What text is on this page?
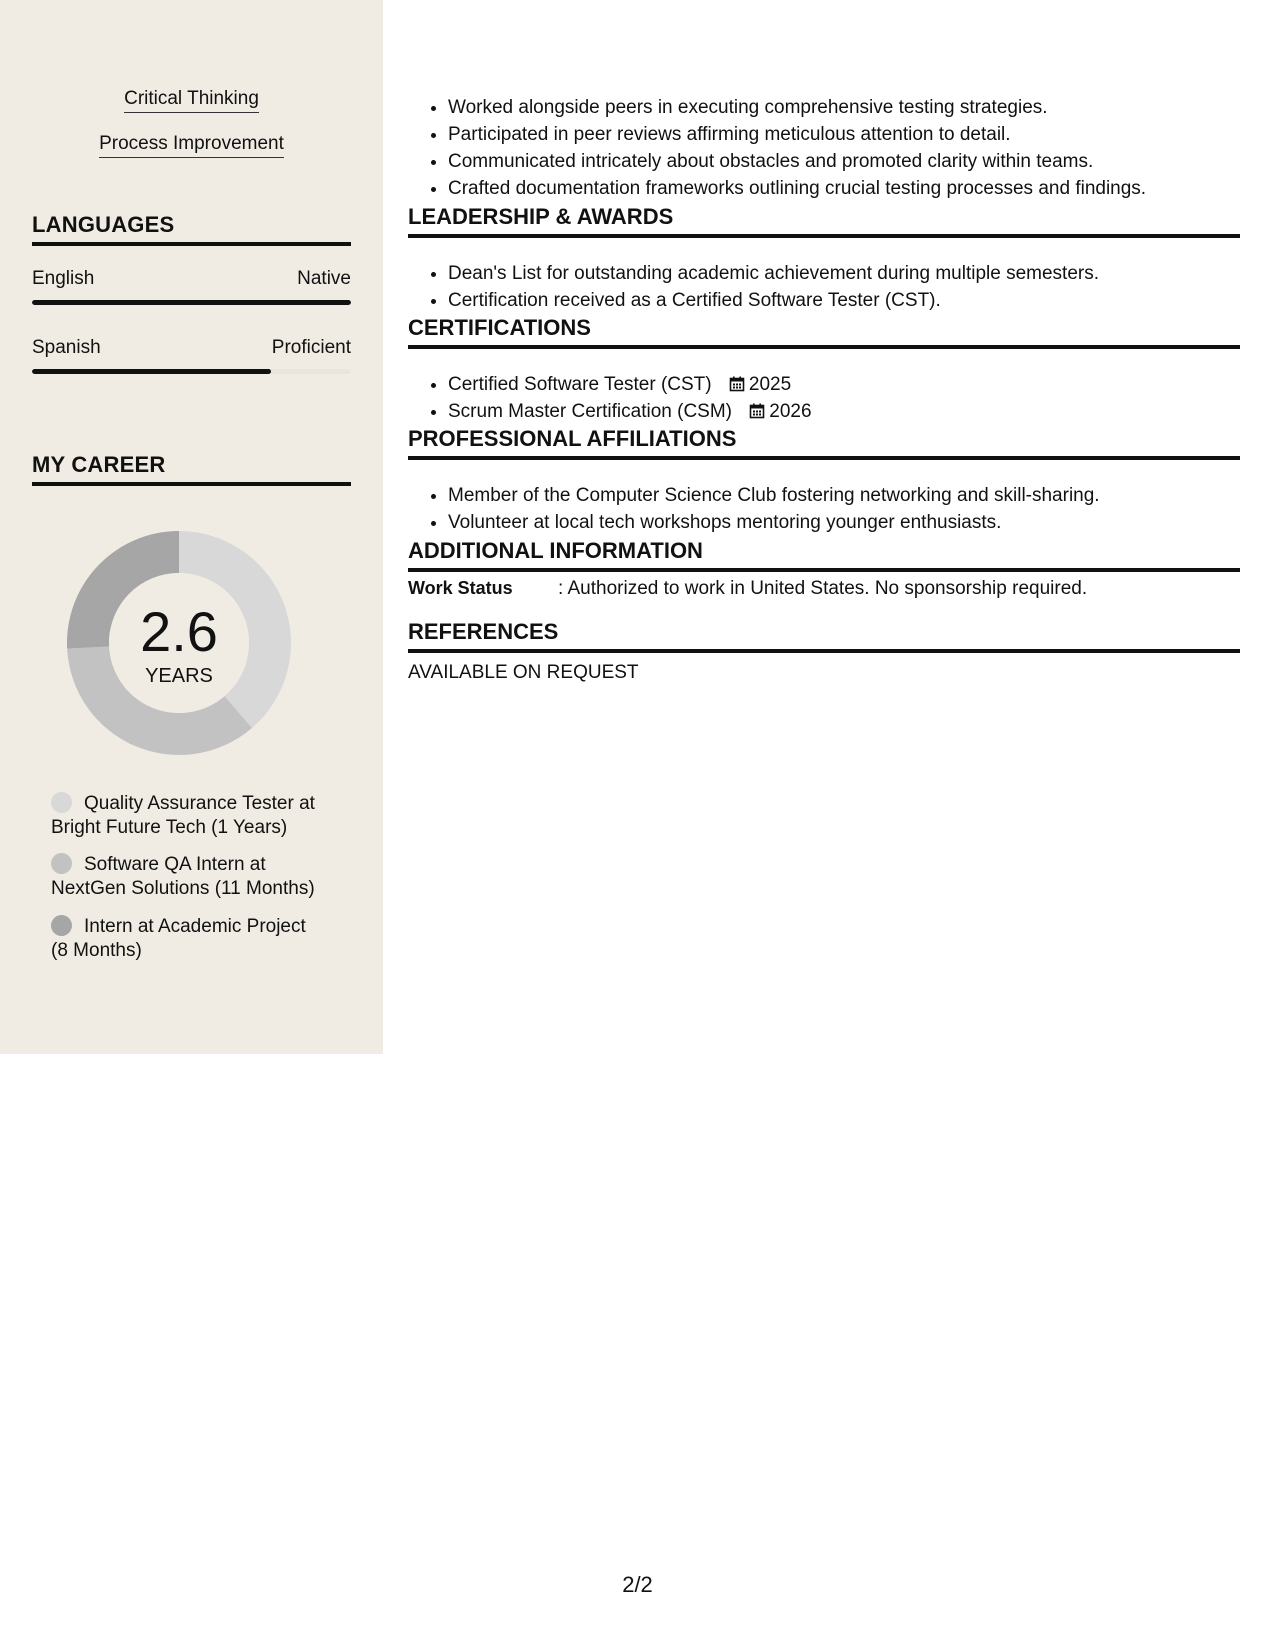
Critical Thinking
Process Improvement
LANGUAGES
English	Native
Spanish	Proficient
MY CAREER
2.6
YEARS
Quality Assurance Tester at
Bright Future Tech (1 Years)
Software QA Intern at
NextGen Solutions (11 Months)
Intern at Academic Project
(8 Months)
• Worked alongside peers in executing comprehensive testing strategies.
• Participated in peer reviews affirming meticulous attention to detail.
• Communicated intricately about obstacles and promoted clarity within teams.
• Crafted documentation frameworks outlining crucial testing processes and findings.
LEADERSHIP & AWARDS
• Dean's List for outstanding academic achievement during multiple semesters.
• Certification received as a Certified Software Tester (CST).
CERTIFICATIONS
• Certified Software Tester (CST) 2025
• Scrum Master Certification (CSM) 2026
PROFESSIONAL AFFILIATIONS
• Member of the Computer Science Club fostering networking and skill-sharing.
• Volunteer at local tech workshops mentoring younger enthusiasts.
ADDITIONAL INFORMATION
Work Status : Authorized to work in United States. No sponsorship required.
REFERENCES
AVAILABLE ON REQUEST
2/2
